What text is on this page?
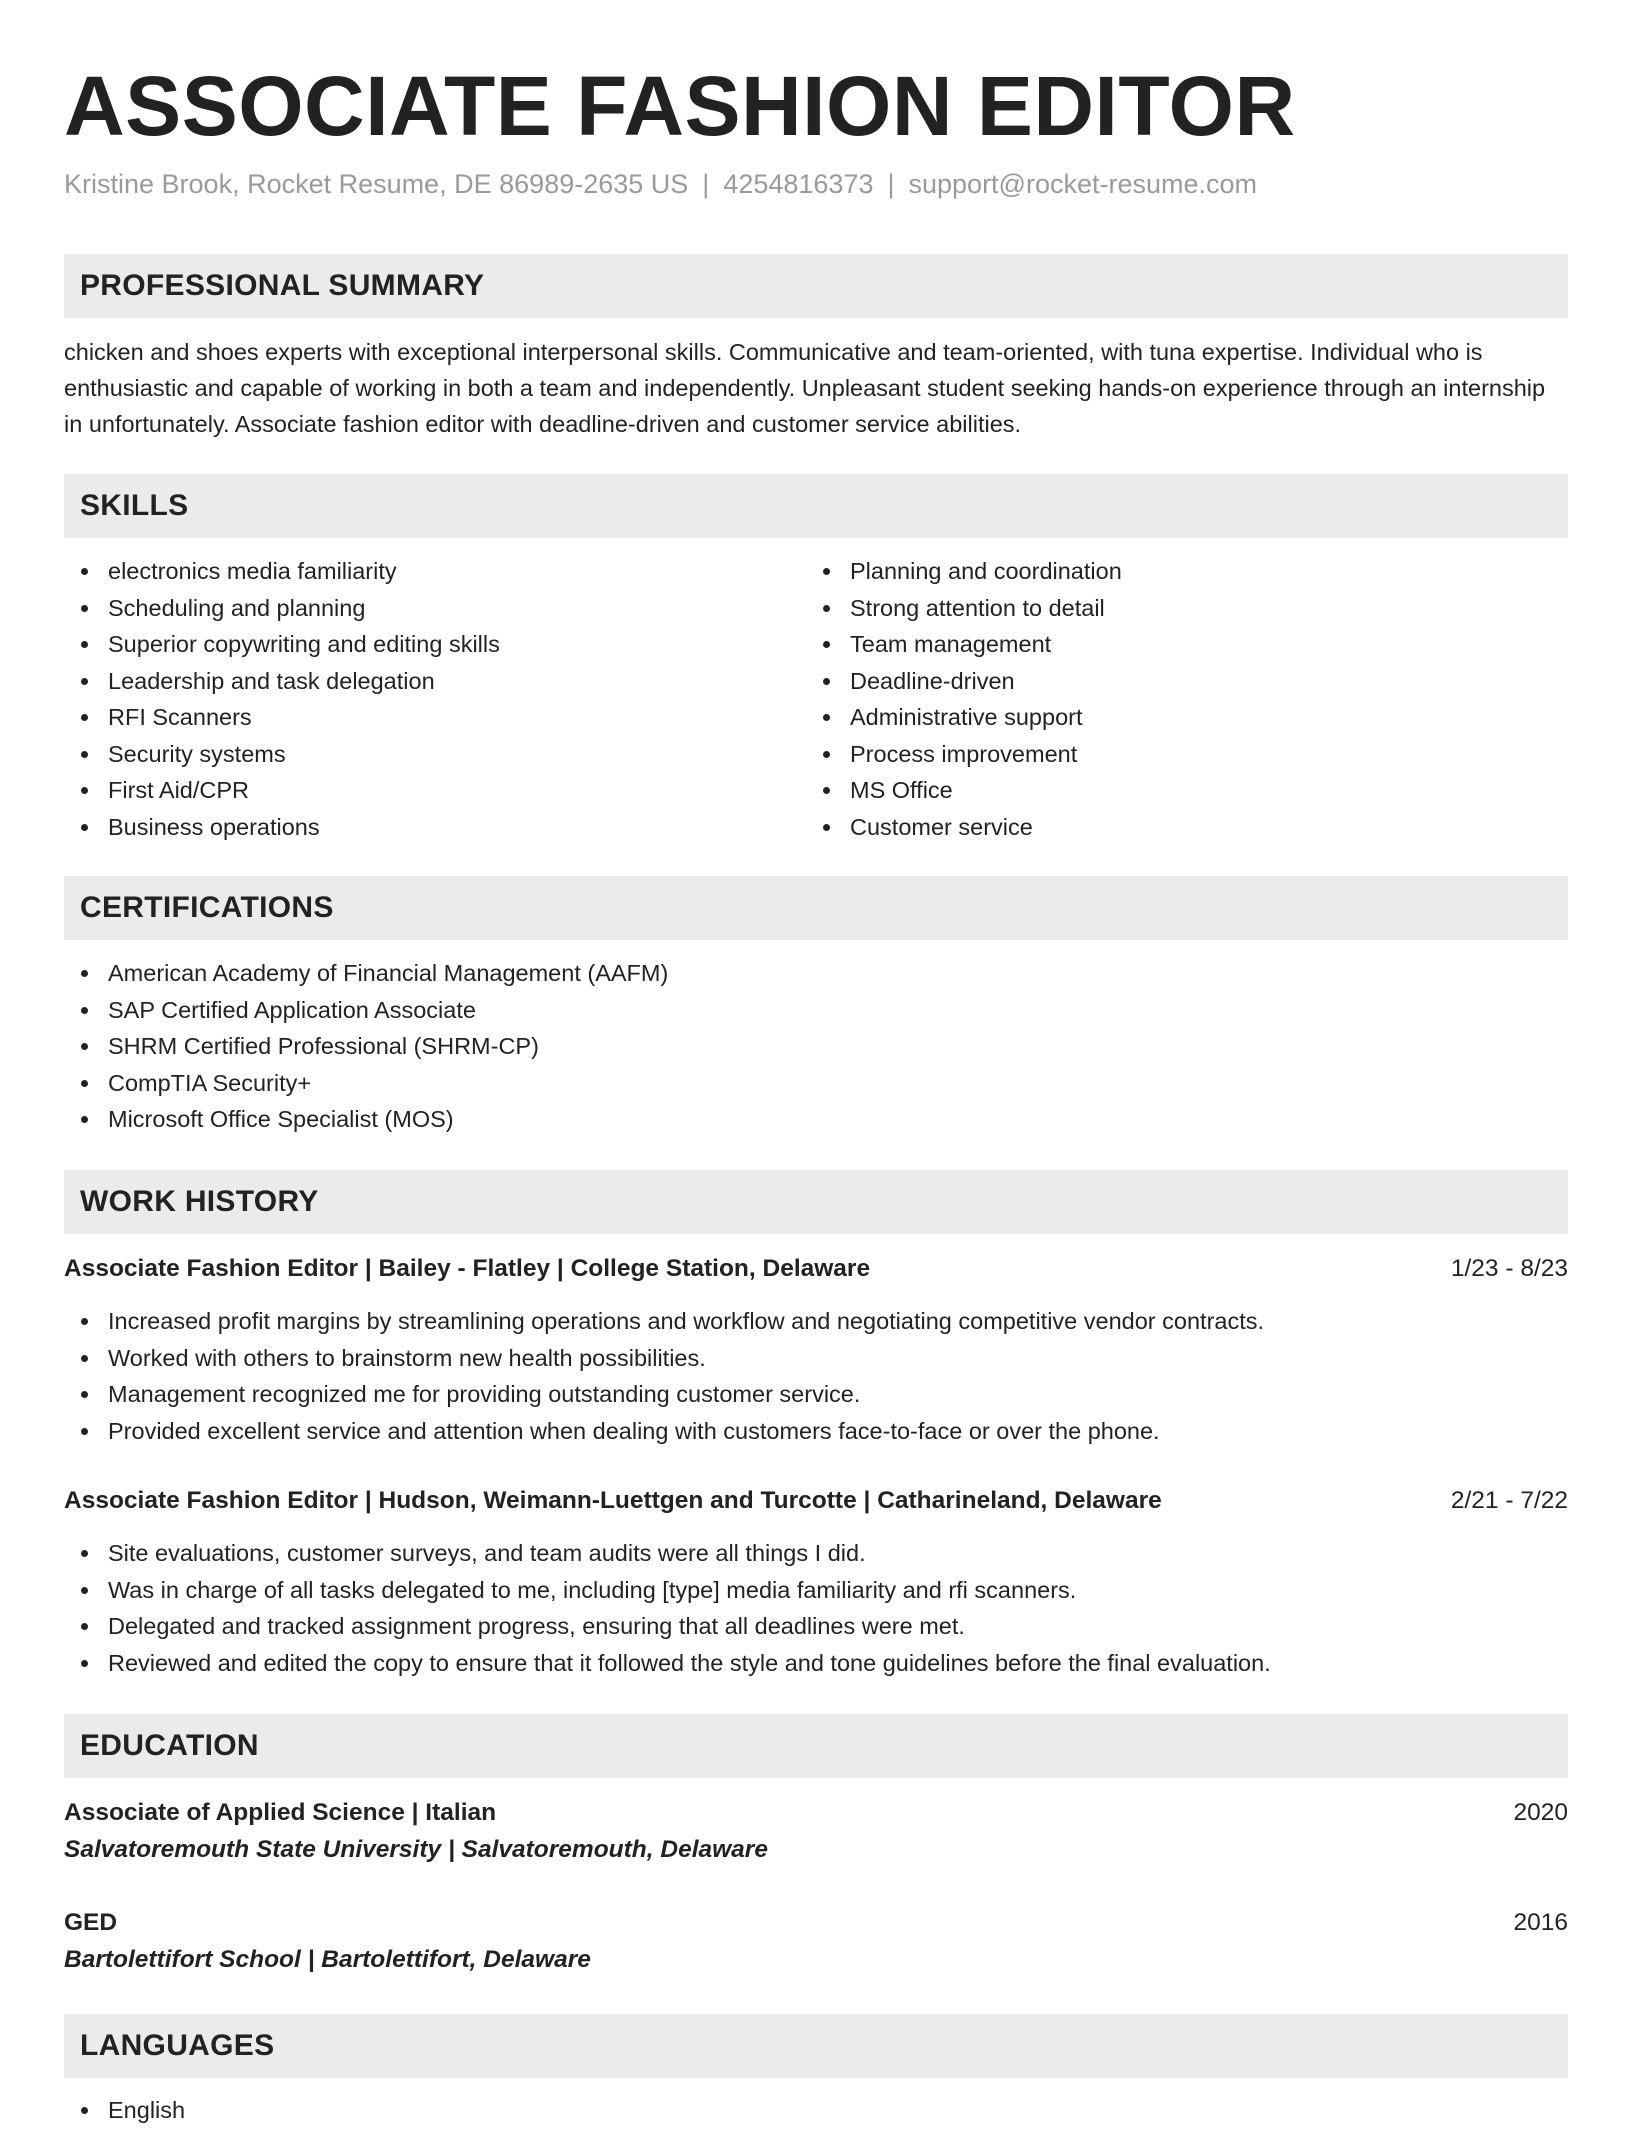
ASSOCIATE FASHION EDITOR
Kristine Brook, Rocket Resume, DE 86989-2635 US | 4254816373 | support@rocket-resume.com
PROFESSIONAL SUMMARY
chicken and shoes experts with exceptional interpersonal skills. Communicative and team-oriented, with tuna expertise. Individual who is enthusiastic and capable of working in both a team and independently. Unpleasant student seeking hands-on experience through an internship in unfortunately. Associate fashion editor with deadline-driven and customer service abilities.
SKILLS
electronics media familiarity
Scheduling and planning
Superior copywriting and editing skills
Leadership and task delegation
RFI Scanners
Security systems
First Aid/CPR
Business operations
Planning and coordination
Strong attention to detail
Team management
Deadline-driven
Administrative support
Process improvement
MS Office
Customer service
CERTIFICATIONS
American Academy of Financial Management (AAFM)
SAP Certified Application Associate
SHRM Certified Professional (SHRM-CP)
CompTIA Security+
Microsoft Office Specialist (MOS)
WORK HISTORY
Associate Fashion Editor | Bailey - Flatley | College Station, Delaware	1/23 - 8/23
Increased profit margins by streamlining operations and workflow and negotiating competitive vendor contracts.
Worked with others to brainstorm new health possibilities.
Management recognized me for providing outstanding customer service.
Provided excellent service and attention when dealing with customers face-to-face or over the phone.
Associate Fashion Editor | Hudson, Weimann-Luettgen and Turcotte | Catharineland, Delaware	2/21 - 7/22
Site evaluations, customer surveys, and team audits were all things I did.
Was in charge of all tasks delegated to me, including [type] media familiarity and rfi scanners.
Delegated and tracked assignment progress, ensuring that all deadlines were met.
Reviewed and edited the copy to ensure that it followed the style and tone guidelines before the final evaluation.
EDUCATION
Associate of Applied Science | Italian	2020
Salvatoremouth State University | Salvatoremouth, Delaware
GED	2016
Bartolettifort School | Bartolettifort, Delaware
LANGUAGES
English
